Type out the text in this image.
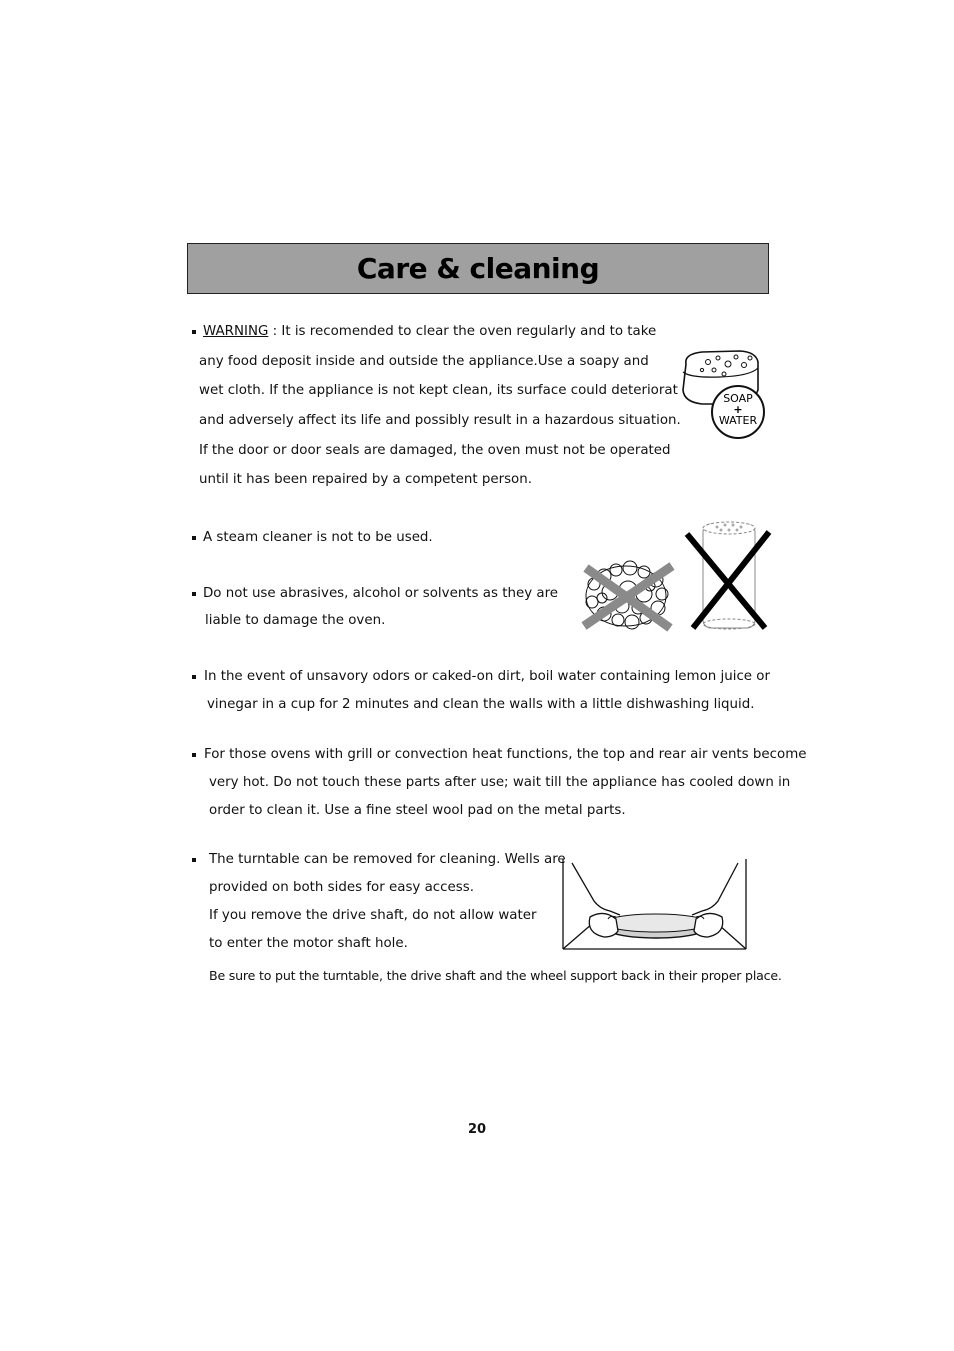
Care & cleaning
WARNING : It is recomended to clear the oven regularly and to take
any food deposit inside and outside the appliance.Use a soapy and
wet cloth. If the appliance is not kept clean, its surface could deteriorat
and adversely affect its life and possibly result in a hazardous situation.
If the door or door seals are damaged, the oven must not be operated
until it has been repaired by a competent person.
SOAP
+
WATER
A steam cleaner is not to be used.
Do not use abrasives, alcohol or solvents as they are
liable to damage the oven.
In the event of unsavory odors or caked-on dirt, boil water containing lemon juice or
vinegar in a cup for 2 minutes and clean the walls with a little dishwashing liquid.
For those ovens with grill or convection heat functions, the top and rear air vents become
very hot. Do not touch these parts after use; wait till the appliance has cooled down in
order to clean it. Use a fine steel wool pad on the metal parts.
The turntable can be removed for cleaning. Wells are
provided on both sides for easy access.
If you remove the drive shaft, do not allow water
to enter the motor shaft hole.
Be sure to put the turntable, the drive shaft and the wheel support back in their proper place.
20
